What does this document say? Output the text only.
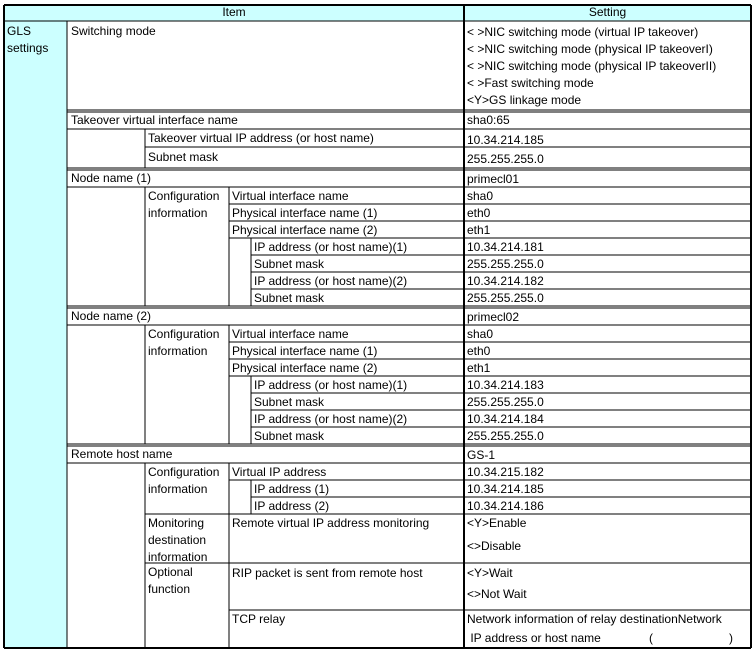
Item	Setting
GLS
settings
Switching mode	< >NIC switching mode (virtual IP takeover)
< >NIC switching mode (physical IP takeoverI)
< >NIC switching mode (physical IP takeoverII)
< >Fast switching mode
<Y>GS linkage mode
Takeover virtual interface name	sha0:65
Takeover virtual IP address (or host name)	10.34.214.185
Subnet mask	255.255.255.0
Node name (1)	primecl01
Configuration
information
Virtual interface name	sha0
Physical interface name (1)	eth0
Physical interface name (2)	eth1
IP address (or host name)(1)	10.34.214.181
Subnet mask	255.255.255.0
IP address (or host name)(2)	10.34.214.182
Subnet mask	255.255.255.0
Node name (2)	primecl02
Configuration
information
Virtual interface name	sha0
Physical interface name (1)	eth0
Physical interface name (2)	eth1
IP address (or host name)(1)	10.34.214.183
Subnet mask	255.255.255.0
IP address (or host name)(2)	10.34.214.184
Subnet mask	255.255.255.0
Remote host name	GS-1
Configuration
information
Virtual IP address	10.34.215.182
IP address (1)	10.34.214.185
IP address (2)	10.34.214.186
Monitoring
destination
information
Remote virtual IP address monitoring	<Y>Enable
<>Disable
Optional
function
RIP packet is sent from remote host	<Y>Wait
<>Not Wait
TCP relay	Network information of relay destinationNetwork
IP address or host name	(	)
